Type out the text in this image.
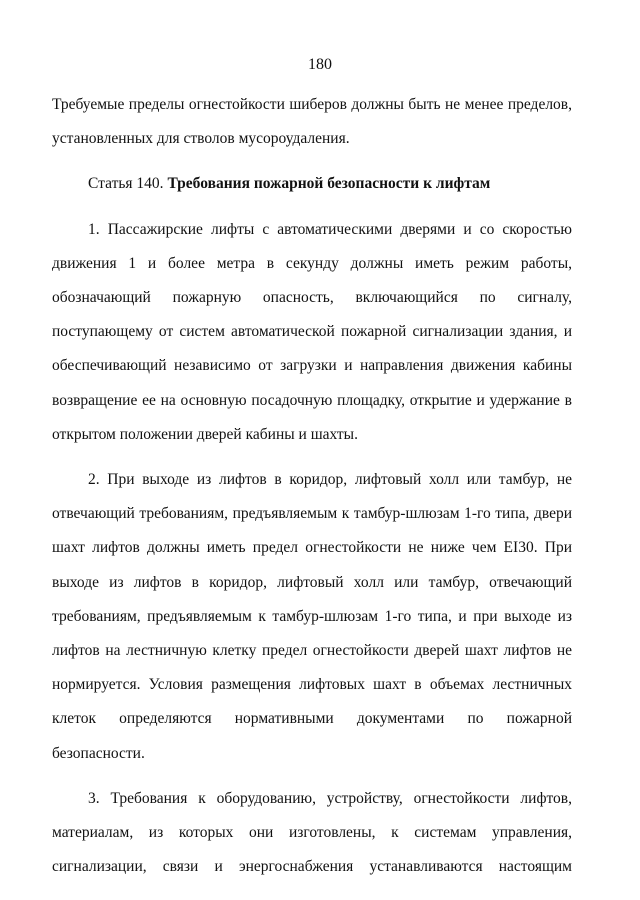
180

Требуемые пределы огнестойкости шиберов должны быть не менее пределов, установленных для стволов мусороудаления.

Статья 140. Требования пожарной безопасности к лифтам

1. Пассажирские лифты с автоматическими дверями и со скоростью движения 1 и более метра в секунду должны иметь режим работы, обозначающий пожарную опасность, включающийся по сигналу, поступающему от систем автоматической пожарной сигнализации здания, и обеспечивающий независимо от загрузки и направления движения кабины возвращение ее на основную посадочную площадку, открытие и удержание в открытом положении дверей кабины и шахты.

2. При выходе из лифтов в коридор, лифтовый холл или тамбур, не отвечающий требованиям, предъявляемым к тамбур-шлюзам 1-го типа, двери шахт лифтов должны иметь предел огнестойкости не ниже чем EI30. При выходе из лифтов в коридор, лифтовый холл или тамбур, отвечающий требованиям, предъявляемым к тамбур-шлюзам 1-го типа, и при выходе из лифтов на лестничную клетку предел огнестойкости дверей шахт лифтов не нормируется. Условия размещения лифтовых шахт в объемах лестничных клеток определяются нормативными документами по пожарной безопасности.

3. Требования к оборудованию, устройству, огнестойкости лифтов, материалам, из которых они изготовлены, к системам управления, сигнализации, связи и энергоснабжения устанавливаются настоящим
